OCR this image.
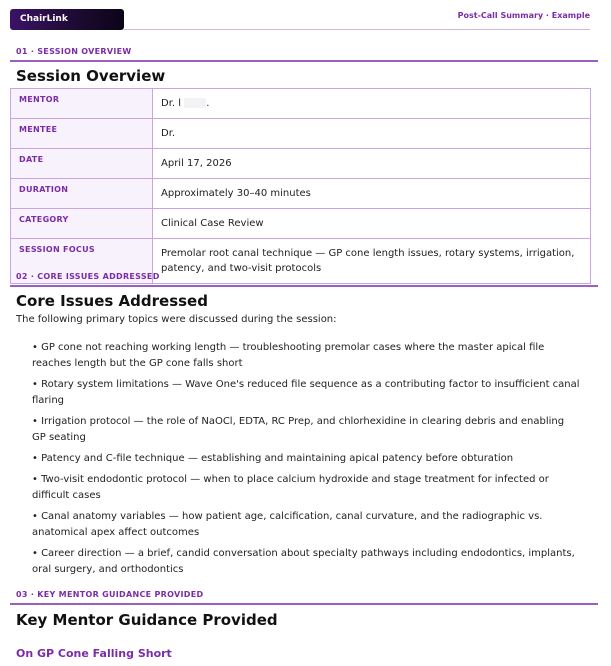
ChairLink	Post-Call Summary · Example
01 · SESSION OVERVIEW
Session Overview
MENTOR	Dr. l .
MENTEE	Dr.
DATE	April 17, 2026
DURATION	Approximately 30–40 minutes
CATEGORY	Clinical Case Review
SESSION FOCUS	Premolar root canal technique — GP cone length issues, rotary systems, irrigation, patency, and two-visit protocols
02 · CORE ISSUES ADDRESSED
Core Issues Addressed
The following primary topics were discussed during the session:
• GP cone not reaching working length — troubleshooting premolar cases where the master apical file reaches length but the GP cone falls short
• Rotary system limitations — Wave One's reduced file sequence as a contributing factor to insufficient canal flaring
• Irrigation protocol — the role of NaOCl, EDTA, RC Prep, and chlorhexidine in clearing debris and enabling GP seating
• Patency and C-file technique — establishing and maintaining apical patency before obturation
• Two-visit endodontic protocol — when to place calcium hydroxide and stage treatment for infected or difficult cases
• Canal anatomy variables — how patient age, calcification, canal curvature, and the radiographic vs. anatomical apex affect outcomes
• Career direction — a brief, candid conversation about specialty pathways including endodontics, implants, oral surgery, and orthodontics
03 · KEY MENTOR GUIDANCE PROVIDED
Key Mentor Guidance Provided
On GP Cone Falling Short
